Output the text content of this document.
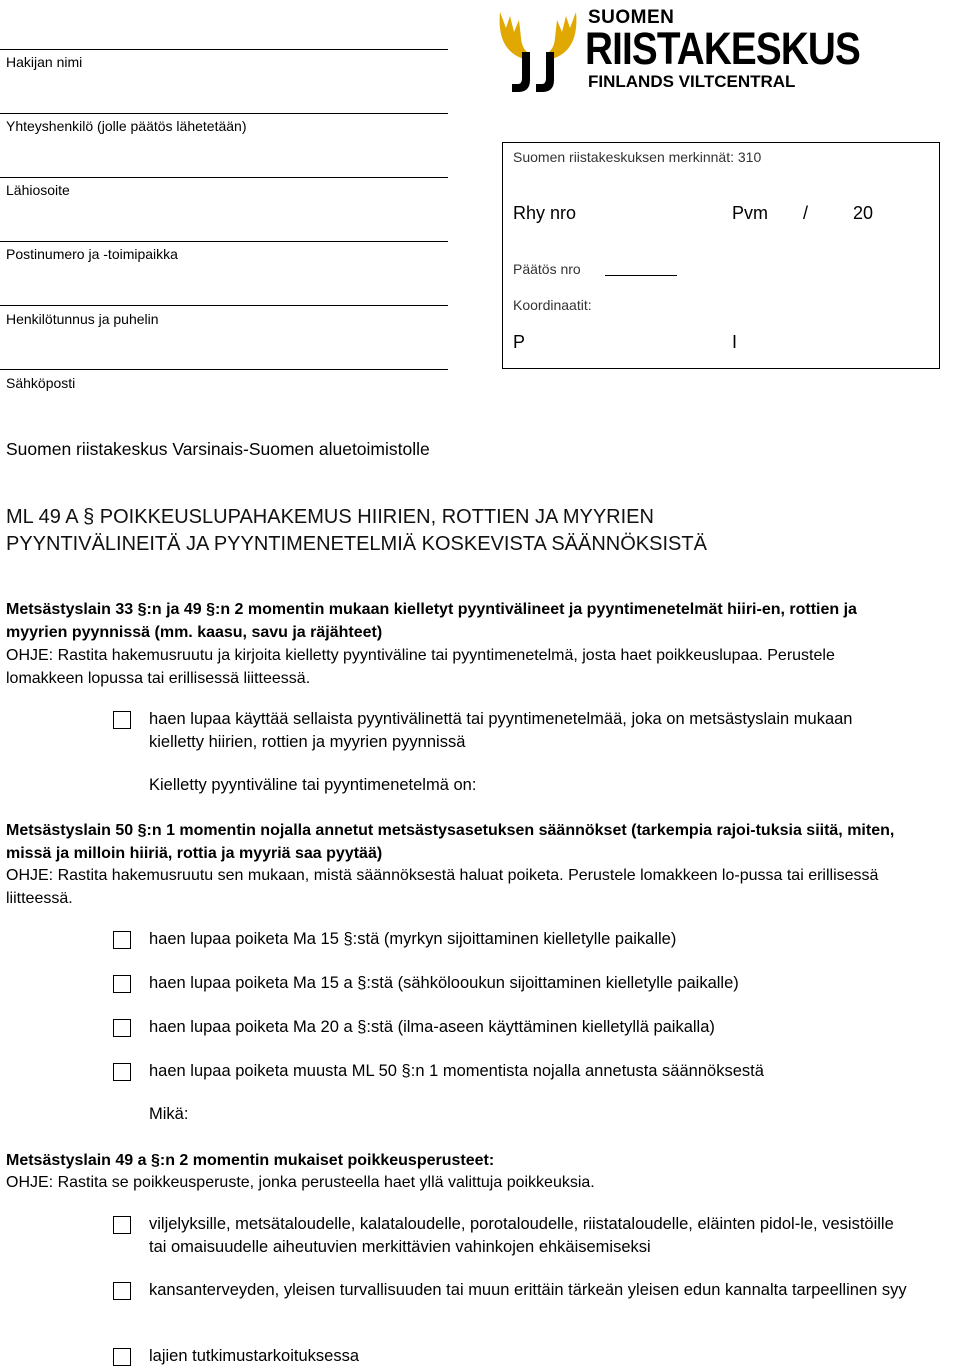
Hakijan nimi
Yhteyshenkilö (jolle päätös lähetetään)
Lähiosoite
Postinumero ja -toimipaikka
Henkilötunnus ja puhelin
Sähköposti
SUOMEN
RIISTAKESKUS
FINLANDS VILTCENTRAL
Suomen riistakeskuksen merkinnät: 310
Rhy nro	Pvm / 20
Päätös nro
Koordinaatit:
P	I
Suomen riistakeskus Varsinais-Suomen aluetoimistolle
ML 49 A § POIKKEUSLUPAHAKEMUS HIIRIEN, ROTTIEN JA MYYRIEN
PYYNTIVÄLINEITÄ JA PYYNTIMENETELMIÄ KOSKEVISTA SÄÄNNÖKSISTÄ
Metsästyslain 33 §:n ja 49 §:n 2 momentin mukaan kielletyt pyyntivälineet ja pyyntimenetelmät hiiri-en, rottien ja myyrien pyynnissä (mm. kaasu, savu ja räjähteet)
OHJE: Rastita hakemusruutu ja kirjoita kielletty pyyntiväline tai pyyntimenetelmä, josta haet poikkeuslupaa. Perustele lomakkeen lopussa tai erillisessä liitteessä.
haen lupaa käyttää sellaista pyyntivälinettä tai pyyntimenetelmää, joka on metsästyslain mukaan kielletty hiirien, rottien ja myyrien pyynnissä
Kielletty pyyntiväline tai pyyntimenetelmä on:
Metsästyslain 50 §:n 1 momentin nojalla annetut metsästysasetuksen säännökset (tarkempia rajoi-tuksia siitä, miten, missä ja milloin hiiriä, rottia ja myyriä saa pyytää)
OHJE: Rastita hakemusruutu sen mukaan, mistä säännöksestä haluat poiketa. Perustele lomakkeen lo-pussa tai erillisessä liitteessä.
haen lupaa poiketa Ma 15 §:stä (myrkyn sijoittaminen kielletylle paikalle)
haen lupaa poiketa Ma 15 a §:stä (sähkölooukun sijoittaminen kielletylle paikalle)
haen lupaa poiketa Ma 20 a §:stä (ilma-aseen käyttäminen kielletyllä paikalla)
haen lupaa poiketa muusta ML 50 §:n 1 momentista nojalla annetusta säännöksestä
Mikä:
Metsästyslain 49 a §:n 2 momentin mukaiset poikkeusperusteet:
OHJE: Rastita se poikkeusperuste, jonka perusteella haet yllä valittuja poikkeuksia.
viljelyksille, metsätaloudelle, kalataloudelle, porotaloudelle, riistataloudelle, eläinten pidol-le, vesistöille tai omaisuudelle aiheutuvien merkittävien vahinkojen ehkäisemiseksi
kansanterveyden, yleisen turvallisuuden tai muun erittäin tärkeän yleisen edun kannalta tarpeellinen syy
lajien tutkimustarkoituksessa
